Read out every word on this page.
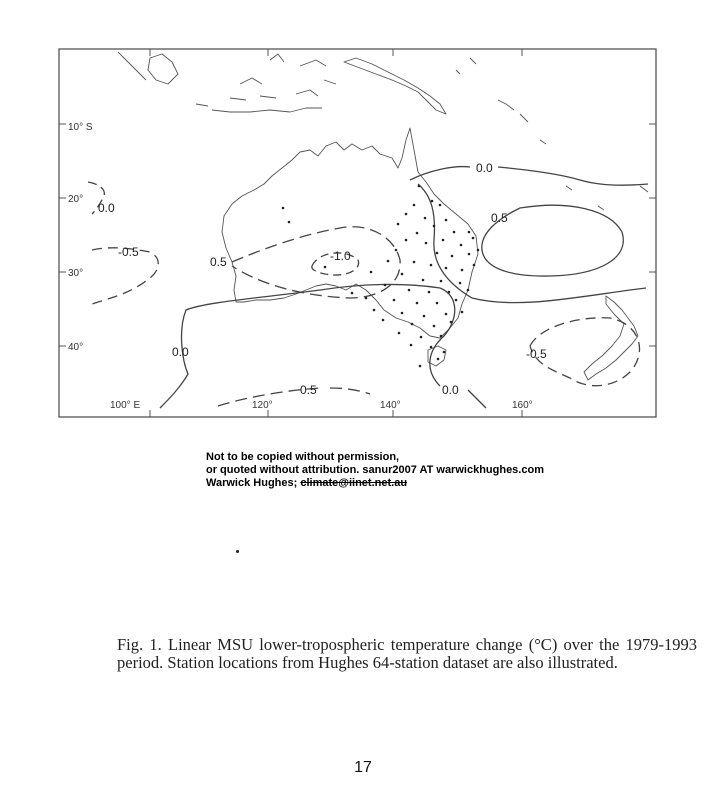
10° S
20°
30°
40°
100° E	120°	140°	160°
0.0
0.0
0.5
-0.5
0.5	-1.0
0.0
0.5	0.0
-0.5
Not to be copied without permission,
or quoted without attribution. sanur2007 AT warwickhughes.com
Warwick Hughes; climate@iinet.net.au
Fig. 1. Linear MSU lower-tropospheric temperature change (°C) over the 1979-1993 period. Station locations from Hughes 64-station dataset are also illustrated.
17
